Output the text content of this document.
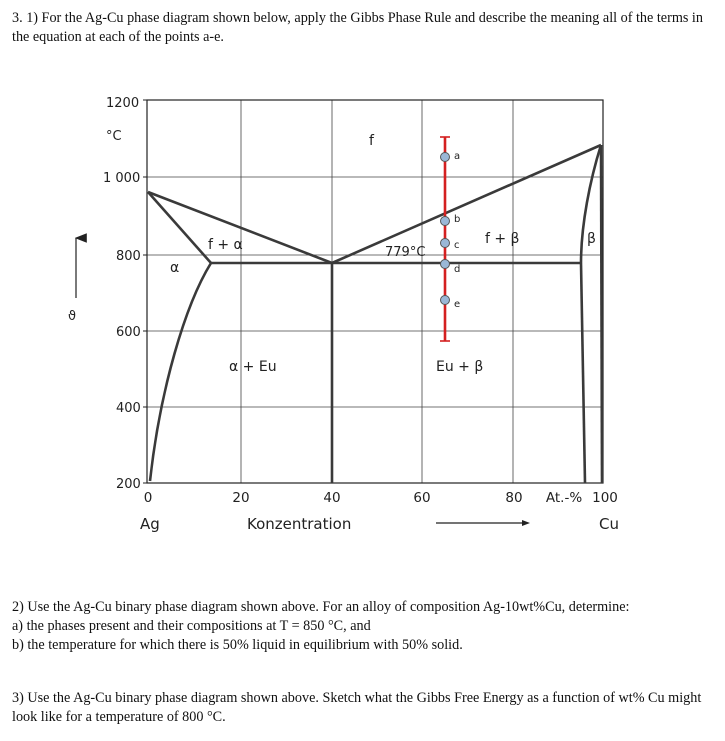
3. 1) For the Ag-Cu phase diagram shown below, apply the Gibbs Phase Rule and describe the meaning all of the terms in the equation at each of the points a-e.
a
b
c
d
e
1200
°C
1 000
800
600
400
200
0	20	40	60	80 At.-% 100
Ag	Konzentration	Cu
ϑ
f
α
f + α	f + β	β
α + Eu	Eu + β
779°C
2) Use the Ag-Cu binary phase diagram shown above. For an alloy of composition Ag-10wt%Cu, determine:
a) the phases present and their compositions at T = 850 °C, and
b) the temperature for which there is 50% liquid in equilibrium with 50% solid.
3) Use the Ag-Cu binary phase diagram shown above. Sketch what the Gibbs Free Energy as a function of wt% Cu might look like for a temperature of 800 °C.
